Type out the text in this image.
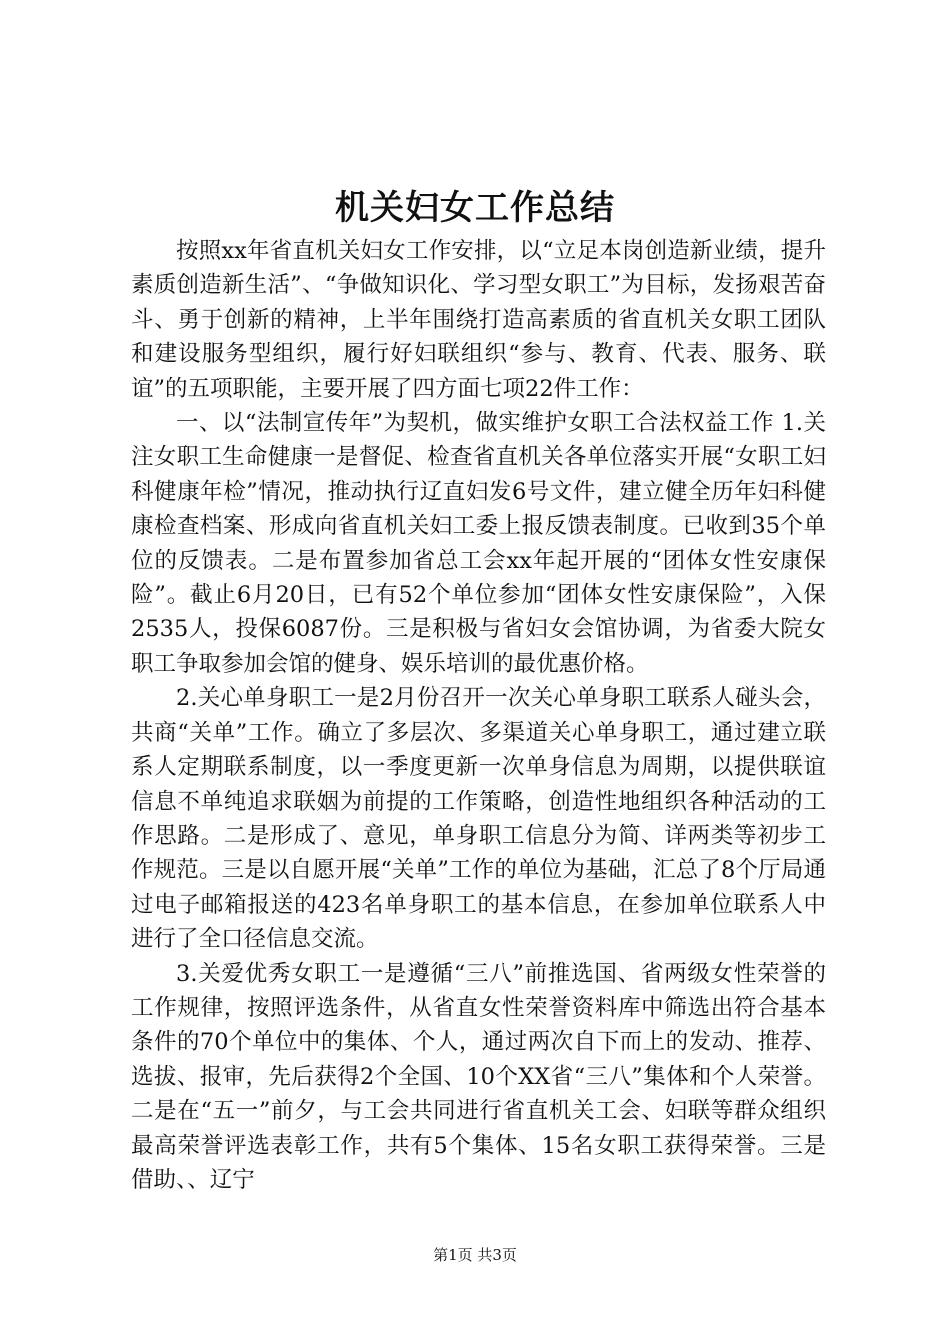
机关妇女工作总结

按照xx年省直机关妇女工作安排，以“立足本岗创造新业绩，提升素质创造新生活”、“争做知识化、学习型女职工”为目标，发扬艰苦奋斗、勇于创新的精神，上半年围绕打造高素质的省直机关女职工团队和建设服务型组织，履行好妇联组织“参与、教育、代表、服务、联谊”的五项职能，主要开展了四方面七项22件工作：

一、以“法制宣传年”为契机，做实维护女职工合法权益工作 1.关注女职工生命健康一是督促、检查省直机关各单位落实开展“女职工妇科健康年检”情况，推动执行辽直妇发6号文件，建立健全历年妇科健康检查档案、形成向省直机关妇工委上报反馈表制度。已收到35个单位的反馈表。二是布置参加省总工会xx年起开展的“团体女性安康保险”。截止6月20日，已有52个单位参加“团体女性安康保险”，入保2535人，投保6087份。三是积极与省妇女会馆协调，为省委大院女职工争取参加会馆的健身、娱乐培训的最优惠价格。

2.关心单身职工一是2月份召开一次关心单身职工联系人碰头会，共商“关单”工作。确立了多层次、多渠道关心单身职工，通过建立联系人定期联系制度，以一季度更新一次单身信息为周期，以提供联谊信息不单纯追求联姻为前提的工作策略，创造性地组织各种活动的工作思路。二是形成了、意见，单身职工信息分为简、详两类等初步工作规范。三是以自愿开展“关单”工作的单位为基础，汇总了8个厅局通过电子邮箱报送的423名单身职工的基本信息，在参加单位联系人中进行了全口径信息交流。

3.关爱优秀女职工一是遵循“三八”前推选国、省两级女性荣誉的工作规律，按照评选条件，从省直女性荣誉资料库中筛选出符合基本条件的70个单位中的集体、个人，通过两次自下而上的发动、推荐、选拔、报审，先后获得2个全国、10个XX省“三八”集体和个人荣誉。二是在“五一”前夕，与工会共同进行省直机关工会、妇联等群众组织最高荣誉评选表彰工作，共有5个集体、15名女职工获得荣誉。三是借助、、辽宁

第1页 共3页
